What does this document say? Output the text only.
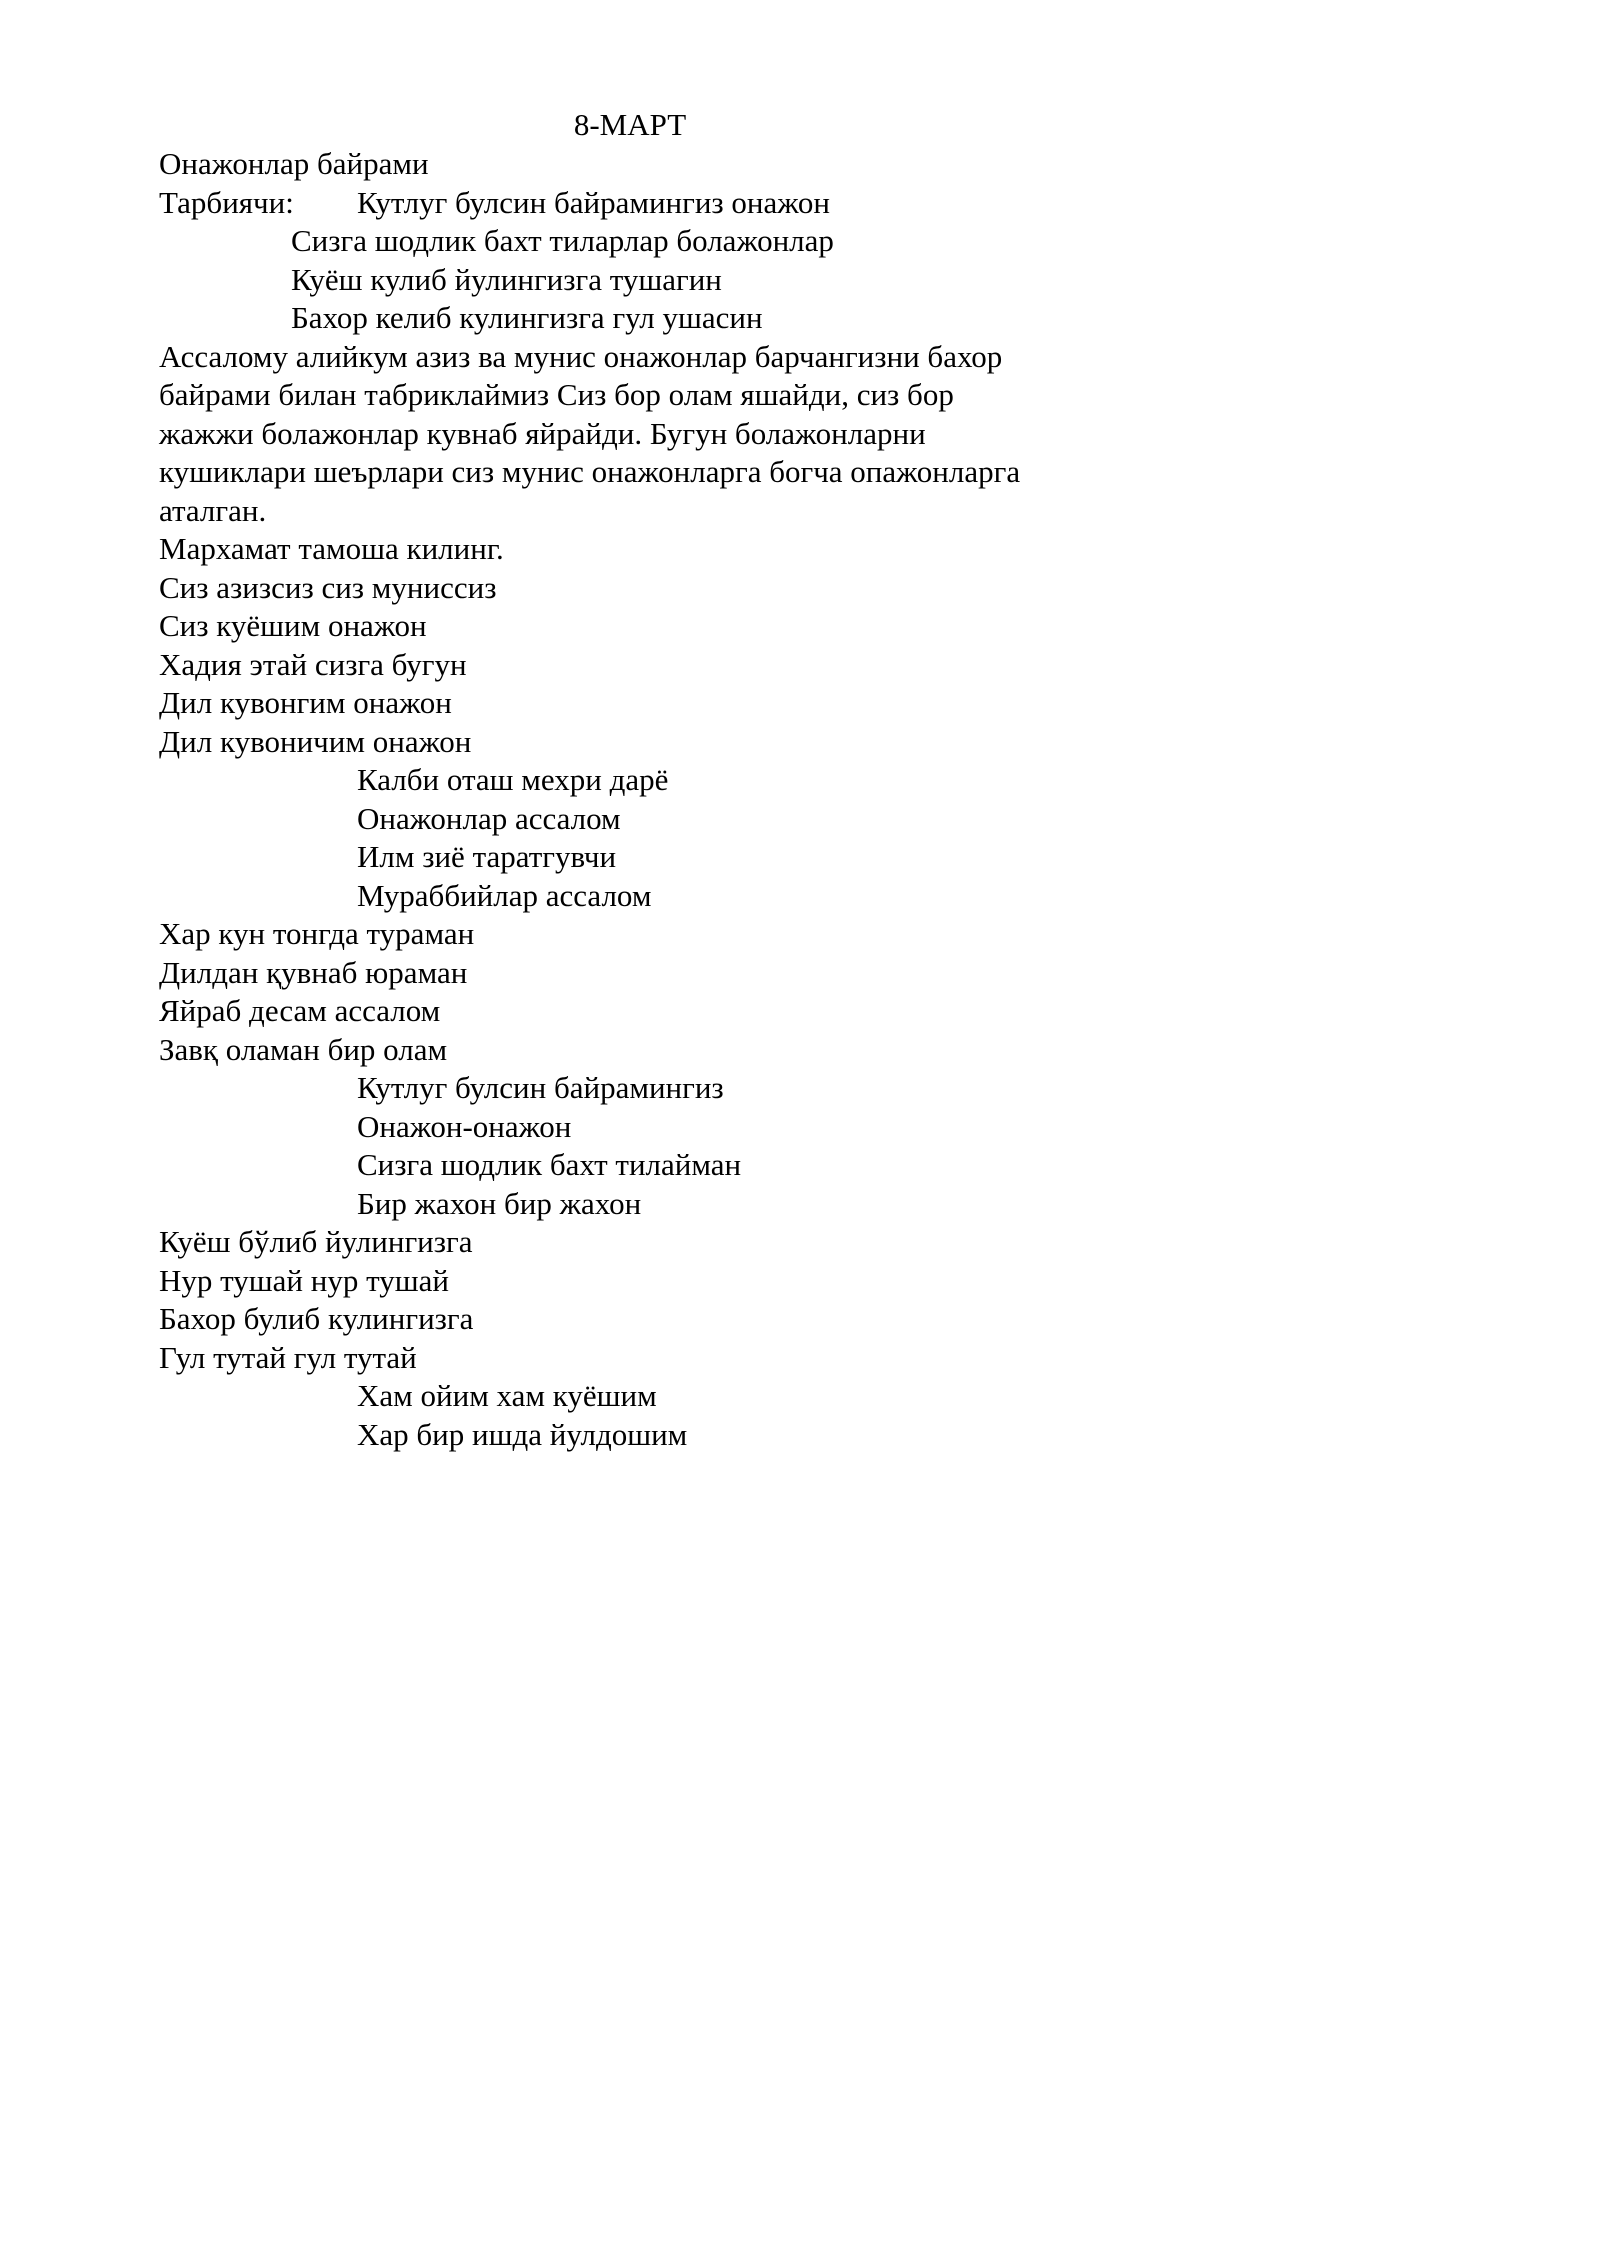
8-МАРТ
Онажонлар байрами
Тарбиячи: Кутлуг булсин байрамингиз онажон
Сизга шодлик бахт тиларлар болажонлар
Куёш кулиб йулингизга тушагин
Бахор келиб кулингизга гул ушасин
Ассалому алийкум азиз ва мунис онажонлар барчангизни бахор байрами билан табриклаймиз Сиз бор олам яшайди, сиз бор жажжи болажонлар кувнаб яйрайди. Бугун болажонларни кушиклари шеърлари сиз мунис онажонларга богча опажонларга аталган.
Мархамат тамоша килинг.
Сиз азизсиз сиз муниссиз
Сиз куёшим онажон
Хадия этай сизга бугун
Дил кувонгим онажон
Дил кувоничим онажон
Калби оташ мехри дарё
Онажонлар ассалом
Илм зиё таратгувчи
Мураббийлар ассалом
Хар кун тонгда тураман
Дилдан қувнаб юраман
Яйраб десам ассалом
Завқ оламан бир олам
Кутлуг булсин байрамингиз
Онажон-онажон
Сизга шодлик бахт тилайман
Бир жахон бир жахон
Куёш бўлиб йулингизга
Нур тушай нур тушай
Бахор булиб кулингизга
Гул тутай гул тутай
Хам ойим хам куёшим
Хар бир ишда йулдошим
